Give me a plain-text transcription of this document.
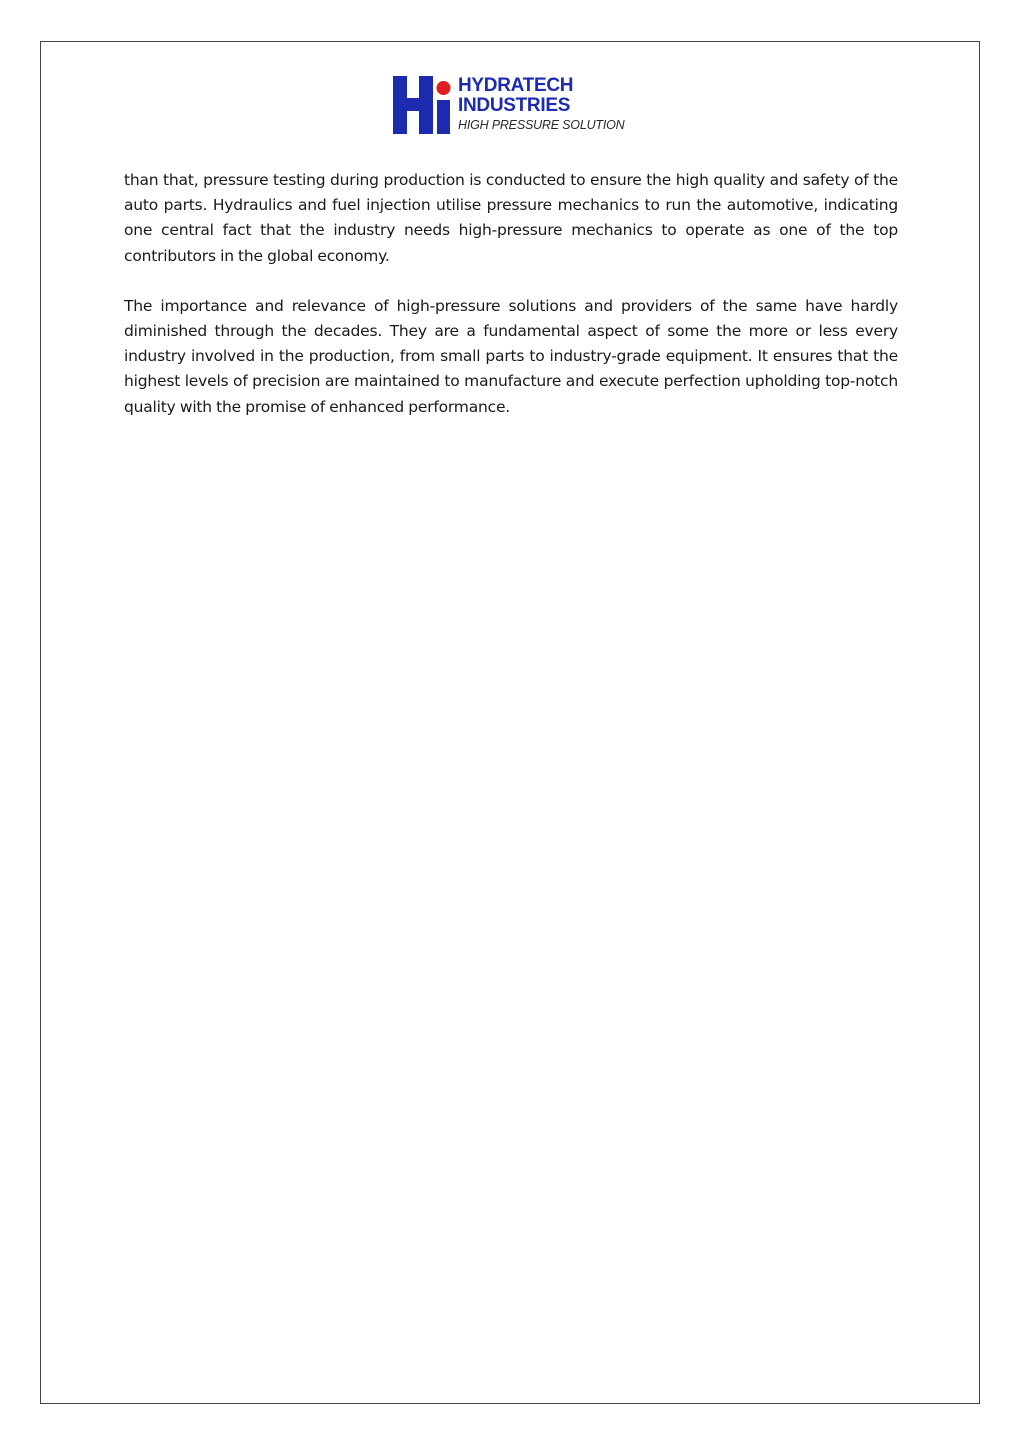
HYDRATECH
INDUSTRIES
HIGH PRESSURE SOLUTION

than that, pressure testing during production is conducted to ensure the high quality and safety of the auto parts. Hydraulics and fuel injection utilise pressure mechanics to run the automotive, indicating one central fact that the industry needs high-pressure mechanics to operate as one of the top contributors in the global economy.

The importance and relevance of high-pressure solutions and providers of the same have hardly diminished through the decades. They are a fundamental aspect of some the more or less every industry involved in the production, from small parts to industry-grade equipment. It ensures that the highest levels of precision are maintained to manufacture and execute perfection upholding top-notch quality with the promise of enhanced performance.
